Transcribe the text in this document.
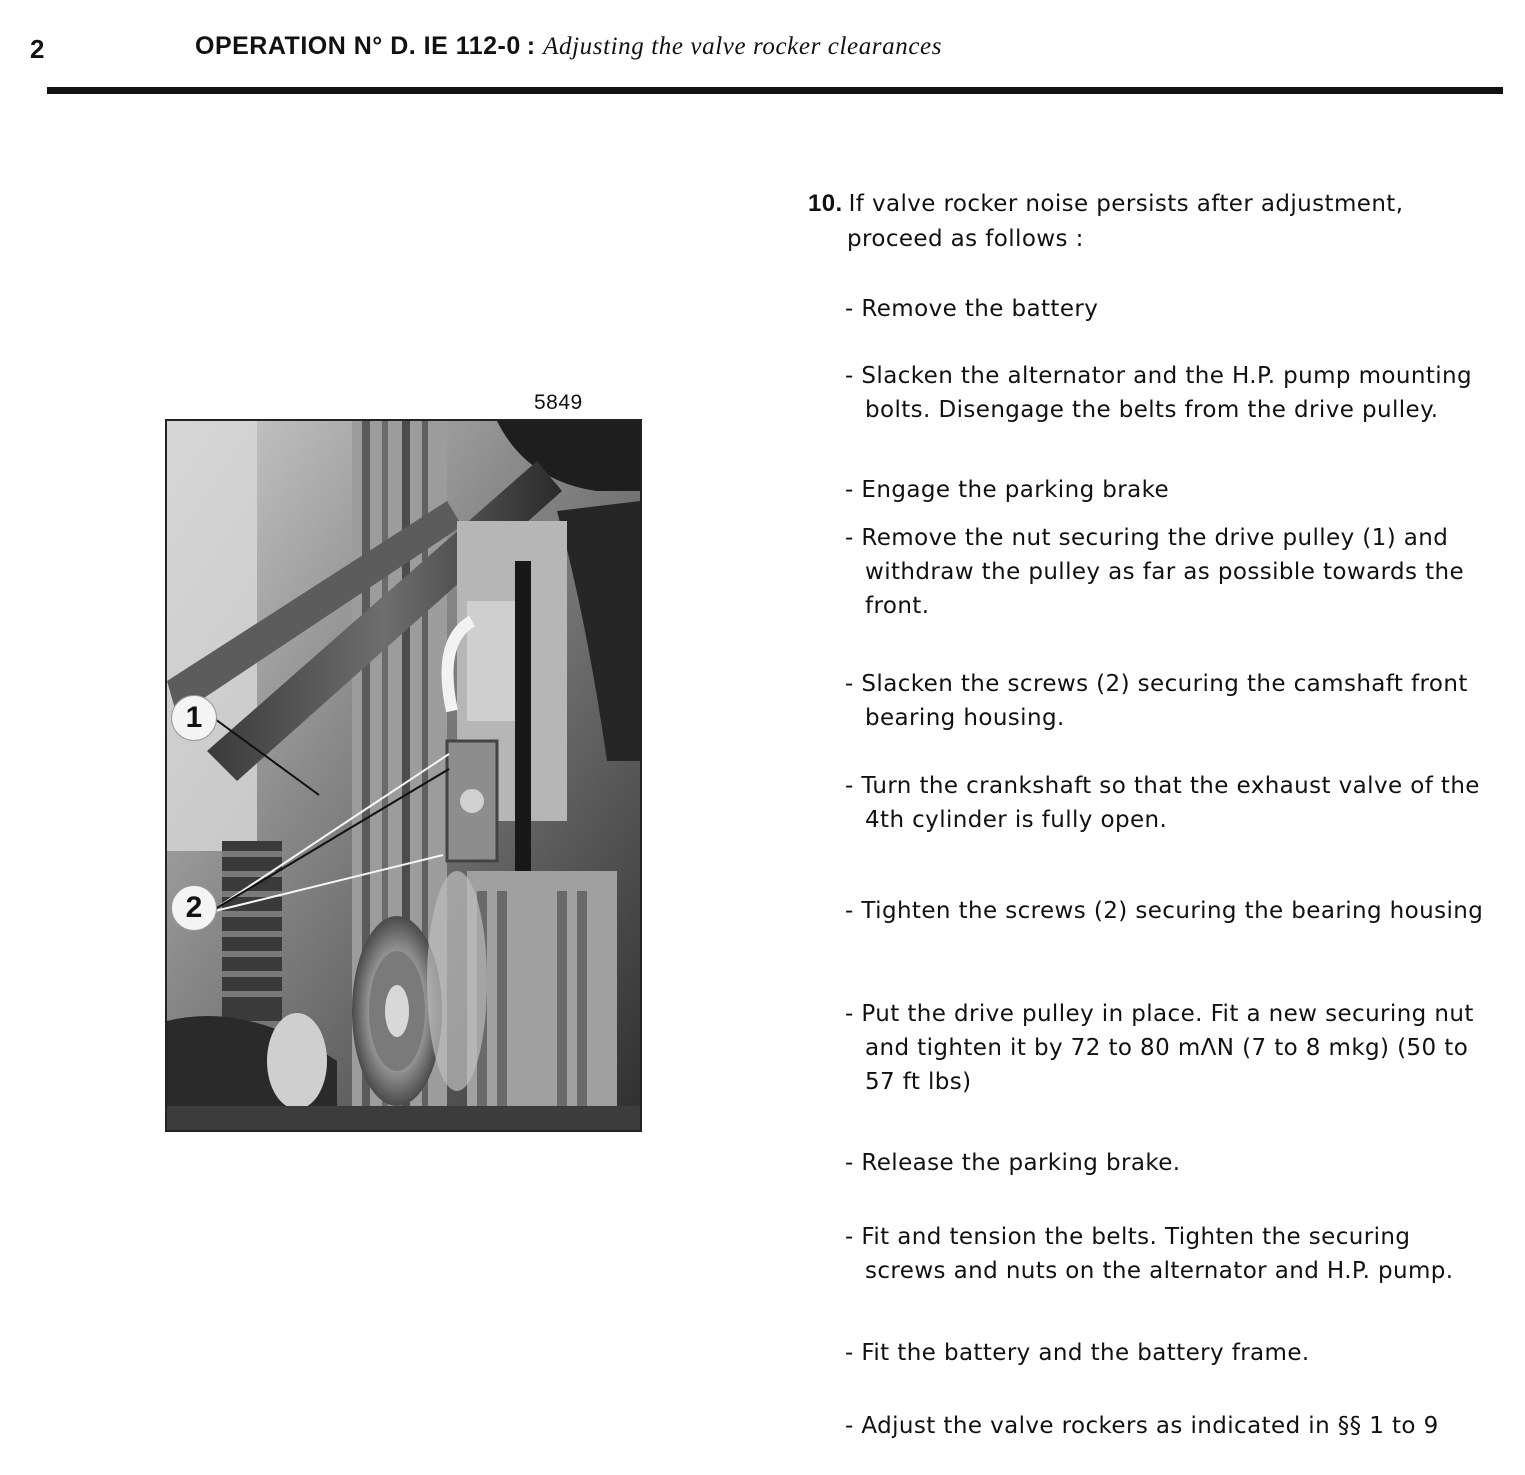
2	OPERATION N° D. IE 112-0 : Adjusting the valve rocker clearances
5849
1
2
10. If valve rocker noise persists after adjustment,
proceed as follows :
- Remove the battery
- Slacken the alternator and the H.P. pump mounting bolts. Disengage the belts from the drive pulley.
- Engage the parking brake
- Remove the nut securing the drive pulley (1) and withdraw the pulley as far as possible towards the front.
- Slacken the screws (2) securing the camshaft front bearing housing.
- Turn the crankshaft so that the exhaust valve of the 4th cylinder is fully open.
- Tighten the screws (2) securing the bearing housing
- Put the drive pulley in place. Fit a new securing nut and tighten it by 72 to 80 mΛN (7 to 8 mkg) (50 to 57 ft lbs)
- Release the parking brake.
- Fit and tension the belts. Tighten the securing screws and nuts on the alternator and H.P. pump.
- Fit the battery and the battery frame.
- Adjust the valve rockers as indicated in §§ 1 to 9
